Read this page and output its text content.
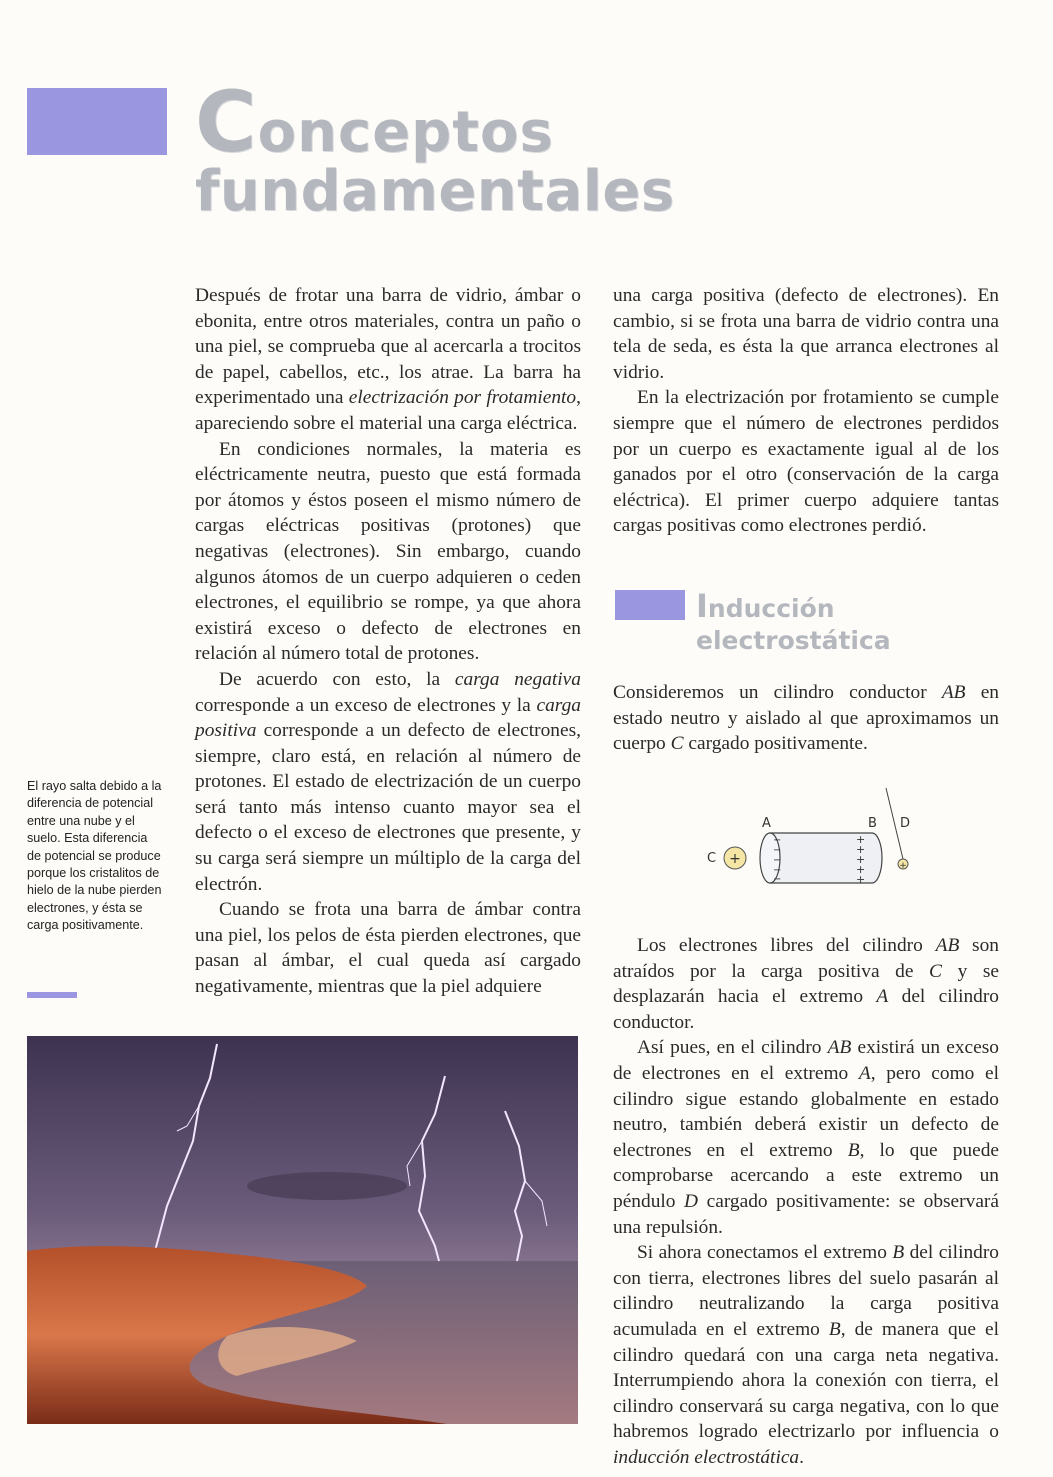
Conceptos
fundamentales

Después de frotar una barra de vidrio, ámbar o ebonita, entre otros materiales, contra un paño o una piel, se comprueba que al acercarla a trocitos de papel, cabellos, etc., los atrae. La barra ha experimentado una electrización por frotamiento, apareciendo sobre el material una carga eléctrica.

En condiciones normales, la materia es eléctricamente neutra, puesto que está formada por átomos y éstos poseen el mismo número de cargas eléctricas positivas (protones) que negativas (electrones). Sin embargo, cuando algunos átomos de un cuerpo adquieren o ceden electrones, el equilibrio se rompe, ya que ahora existirá exceso o defecto de electrones en relación al número total de protones.

De acuerdo con esto, la carga negativa corresponde a un exceso de electrones y la carga positiva corresponde a un defecto de electrones, siempre, claro está, en relación al número de protones. El estado de electrización de un cuerpo será tanto más intenso cuanto mayor sea el defecto o el exceso de electrones que presente, y su carga será siempre un múltiplo de la carga del electrón.

Cuando se frota una barra de ámbar contra una piel, los pelos de ésta pierden electrones, que pasan al ámbar, el cual queda así cargado negativamente, mientras que la piel adquiere

una carga positiva (defecto de electrones). En cambio, si se frota una barra de vidrio contra una tela de seda, es ésta la que arranca electrones al vidrio.

En la electrización por frotamiento se cumple siempre que el número de electrones perdidos por un cuerpo es exactamente igual al de los ganados por el otro (conservación de la carga eléctrica). El primer cuerpo adquiere tantas cargas positivas como electrones perdió.

Inducción
electrostática

Consideremos un cilindro conductor AB en estado neutro y aislado al que aproximamos un cuerpo C cargado positivamente.

A	B D
C +
−
−
−
−
−
+
+
+
+
+
+

Los electrones libres del cilindro AB son atraídos por la carga positiva de C y se desplazarán hacia el extremo A del cilindro conductor.

Así pues, en el cilindro AB existirá un exceso de electrones en el extremo A, pero como el cilindro sigue estando globalmente en estado neutro, también deberá existir un defecto de electrones en el extremo B, lo que puede comprobarse acercando a este extremo un péndulo D cargado positivamente: se observará una repulsión.

Si ahora conectamos el extremo B del cilindro con tierra, electrones libres del suelo pasarán al cilindro neutralizando la carga positiva acumulada en el extremo B, de manera que el cilindro quedará con una carga neta negativa. Interrumpiendo ahora la conexión con tierra, el cilindro conservará su carga negativa, con lo que habremos logrado electrizarlo por influencia o inducción electrostática.

El rayo salta debido a la diferencia de potencial entre una nube y el suelo. Esta diferencia de potencial se produce porque los cristalitos de hielo de la nube pierden electrones, y ésta se carga positivamente.
